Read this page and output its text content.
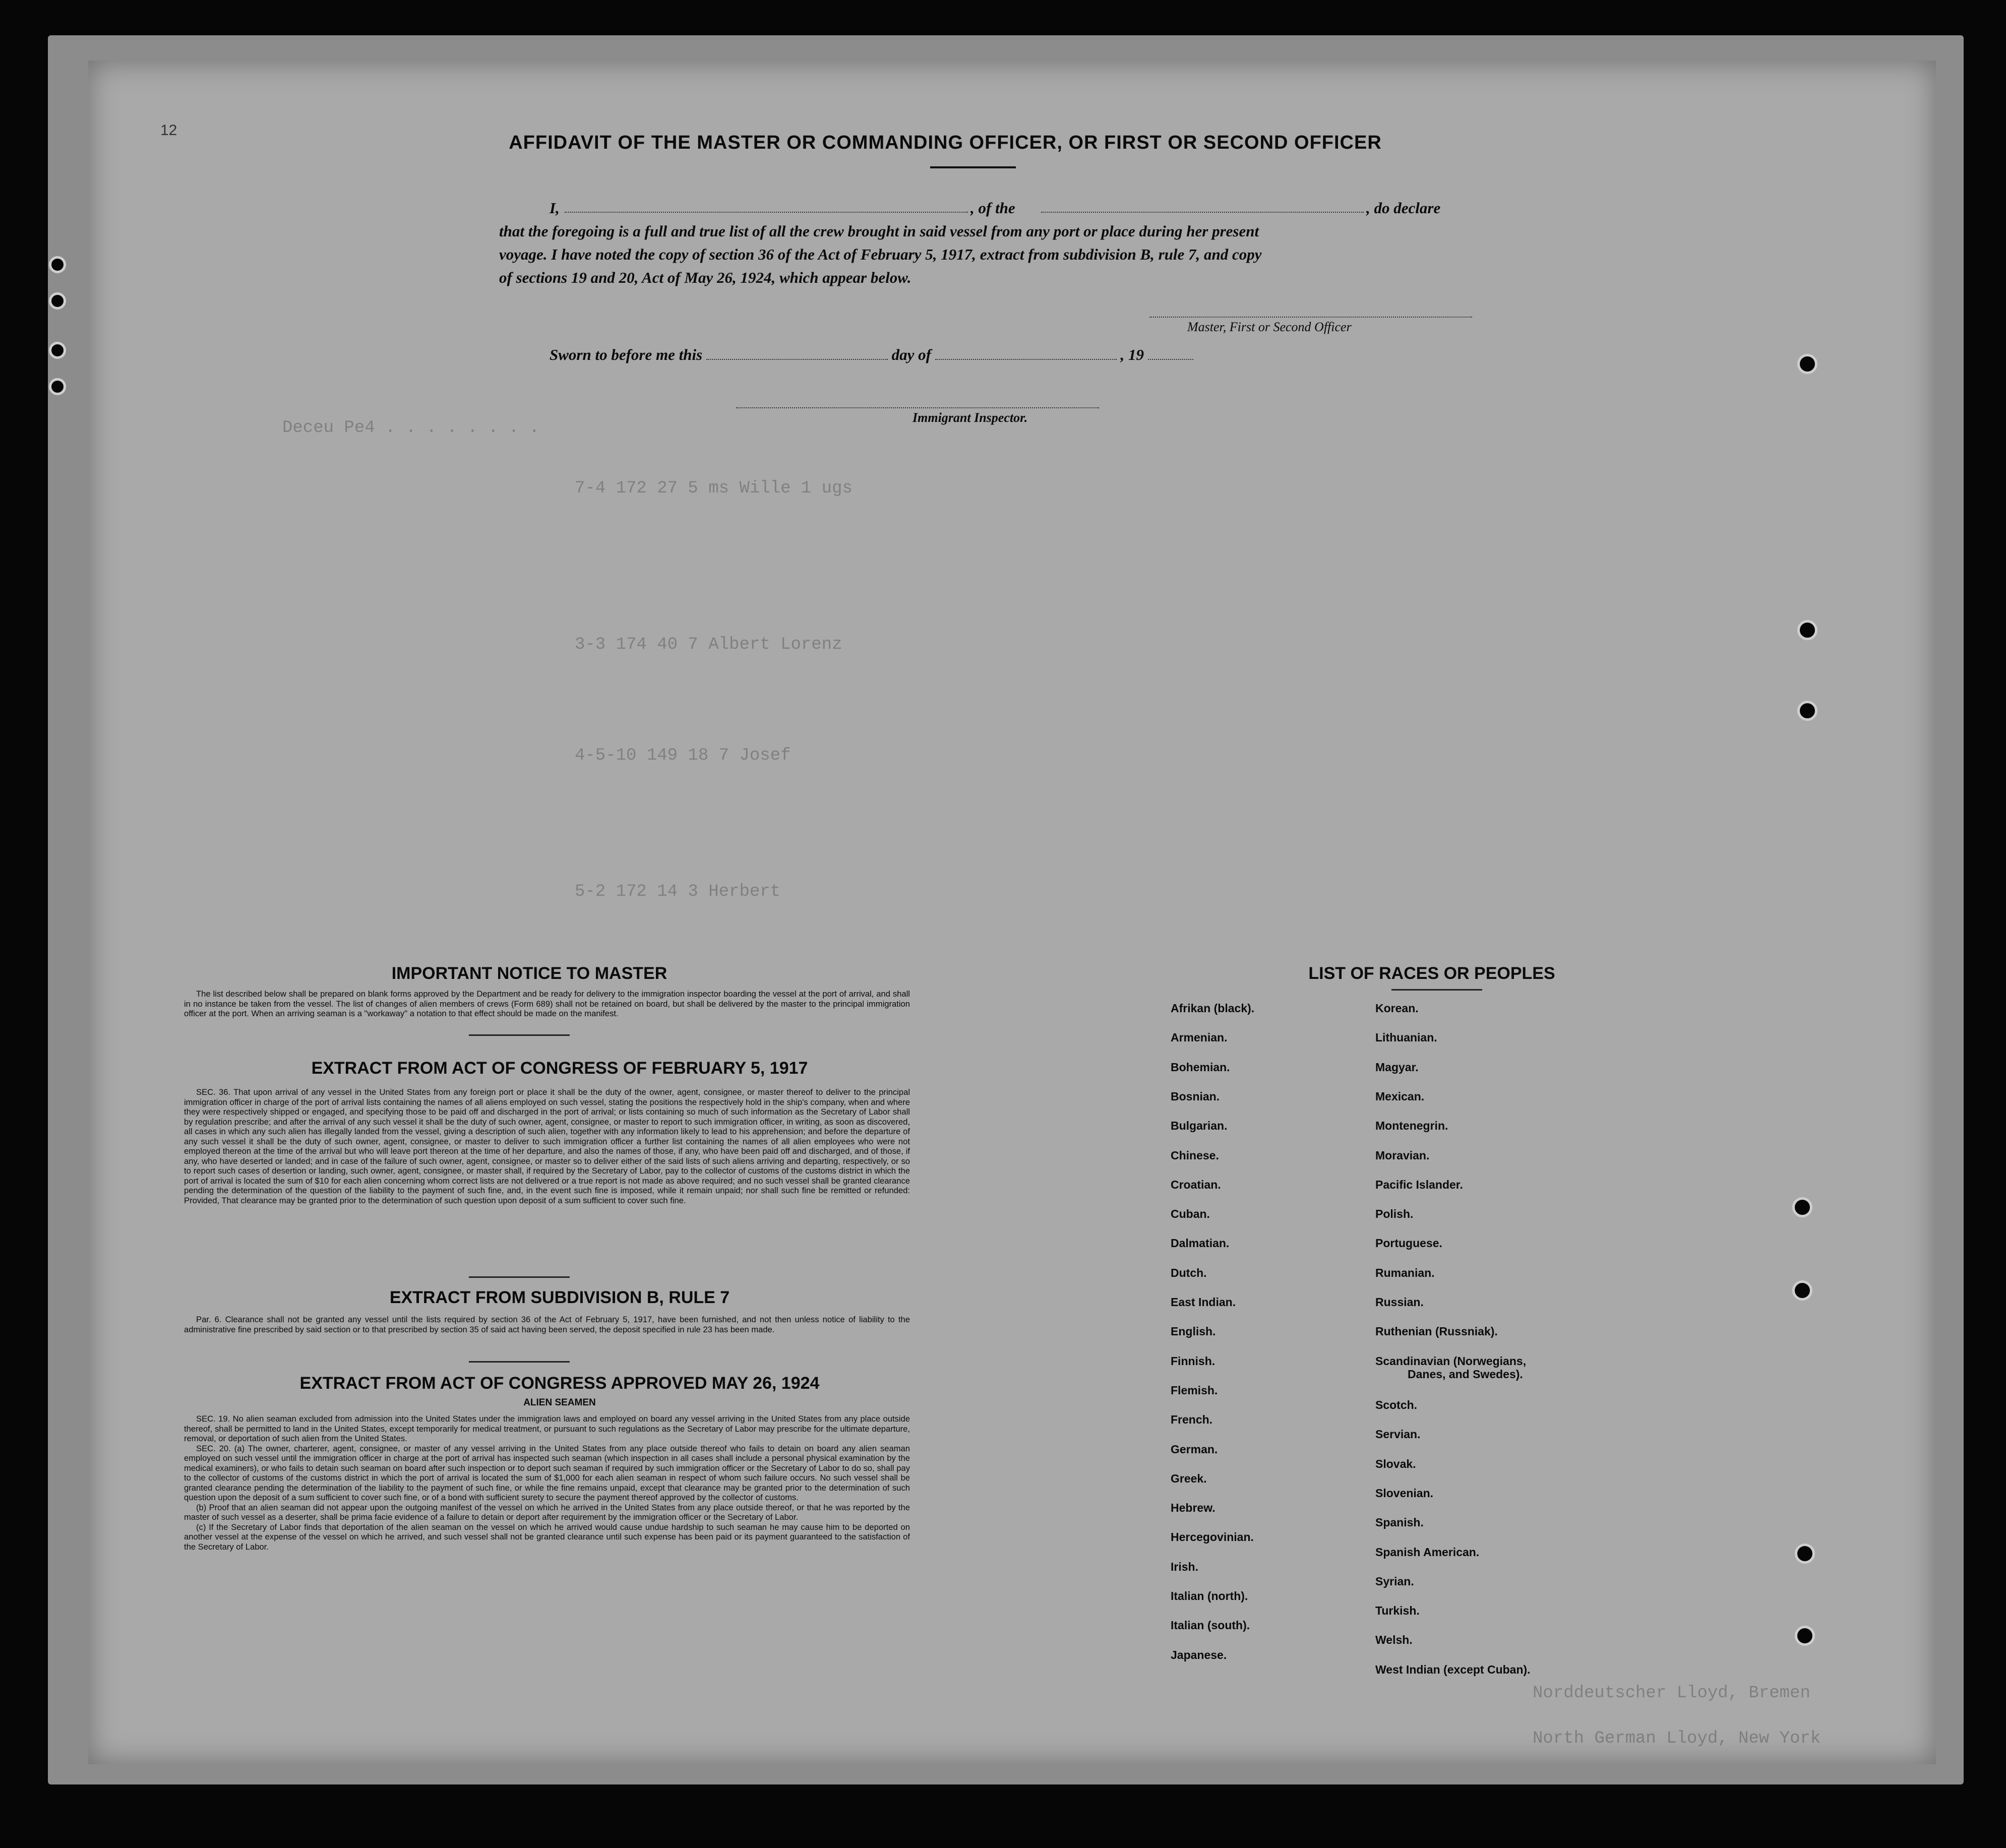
Deceu Pe4 . . . . . . . .
7-4 172 27 5 ms Wille 1 ugs
3-3 174 40 7 Albert Lorenz
4-5-10 149 18 7 Josef
5-2 172 14 3 Herbert
Norddeutscher Lloyd, Bremen
North German Lloyd, New York
12
AFFIDAVIT OF THE MASTER OR COMMANDING OFFICER, OR FIRST OR SECOND OFFICER
I,	, of the	, do declare
that the foregoing is a full and true list of all the crew brought in said vessel from any port or place during her present
voyage. I have noted the copy of section 36 of the Act of February 5, 1917, extract from subdivision B, rule 7, and copy
of sections 19 and 20, Act of May 26, 1924, which appear below.
Master, First or Second Officer
Sworn to before me this	day of	, 19
Immigrant Inspector.
IMPORTANT NOTICE TO MASTER

The list described below shall be prepared on blank forms approved by the Department and be ready for delivery to the immigration inspector boarding the vessel at the port of arrival, and shall in no instance be taken from the vessel. The list of changes of alien members of crews (Form 689) shall not be retained on board, but shall be delivered by the master to the principal immigration officer at the port. When an arriving seaman is a "workaway" a notation to that effect should be made on the manifest.

EXTRACT FROM ACT OF CONGRESS OF FEBRUARY 5, 1917

SEC. 36. That upon arrival of any vessel in the United States from any foreign port or place it shall be the duty of the owner, agent, consignee, or master thereof to deliver to the principal immigration officer in charge of the port of arrival lists containing the names of all aliens employed on such vessel, stating the positions the respectively hold in the ship's company, when and where they were respectively shipped or engaged, and specifying those to be paid off and discharged in the port of arrival; or lists containing so much of such information as the Secretary of Labor shall by regulation prescribe; and after the arrival of any such vessel it shall be the duty of such owner, agent, consignee, or master to report to such immigration officer, in writing, as soon as discovered, all cases in which any such alien has illegally landed from the vessel, giving a description of such alien, together with any information likely to lead to his apprehension; and before the departure of any such vessel it shall be the duty of such owner, agent, consignee, or master to deliver to such immigration officer a further list containing the names of all alien employees who were not employed thereon at the time of the arrival but who will leave port thereon at the time of her departure, and also the names of those, if any, who have been paid off and discharged, and of those, if any, who have deserted or landed; and in case of the failure of such owner, agent, consignee, or master so to deliver either of the said lists of such aliens arriving and departing, respectively, or so to report such cases of desertion or landing, such owner, agent, consignee, or master shall, if required by the Secretary of Labor, pay to the collector of customs of the customs district in which the port of arrival is located the sum of $10 for each alien concerning whom correct lists are not delivered or a true report is not made as above required; and no such vessel shall be granted clearance pending the determination of the question of the liability to the payment of such fine, and, in the event such fine is imposed, while it remain unpaid; nor shall such fine be remitted or refunded: Provided, That clearance may be granted prior to the determination of such question upon deposit of a sum sufficient to cover such fine.

EXTRACT FROM SUBDIVISION B, RULE 7

Par. 6. Clearance shall not be granted any vessel until the lists required by section 36 of the Act of February 5, 1917, have been furnished, and not then unless notice of liability to the administrative fine prescribed by said section or to that prescribed by section 35 of said act having been served, the deposit specified in rule 23 has been made.

EXTRACT FROM ACT OF CONGRESS APPROVED MAY 26, 1924
ALIEN SEAMEN

SEC. 19. No alien seaman excluded from admission into the United States under the immigration laws and employed on board any vessel arriving in the United States from any place outside thereof, shall be permitted to land in the United States, except temporarily for medical treatment, or pursuant to such regulations as the Secretary of Labor may prescribe for the ultimate departure, removal, or deportation of such alien from the United States.

SEC. 20. (a) The owner, charterer, agent, consignee, or master of any vessel arriving in the United States from any place outside thereof who fails to detain on board any alien seaman employed on such vessel until the immigration officer in charge at the port of arrival has inspected such seaman (which inspection in all cases shall include a personal physical examination by the medical examiners), or who fails to detain such seaman on board after such inspection or to deport such seaman if required by such immigration officer or the Secretary of Labor to do so, shall pay to the collector of customs of the customs district in which the port of arrival is located the sum of $1,000 for each alien seaman in respect of whom such failure occurs. No such vessel shall be granted clearance pending the determination of the liability to the payment of such fine, or while the fine remains unpaid, except that clearance may be granted prior to the determination of such question upon the deposit of a sum sufficient to cover such fine, or of a bond with sufficient surety to secure the payment thereof approved by the collector of customs.

(b) Proof that an alien seaman did not appear upon the outgoing manifest of the vessel on which he arrived in the United States from any place outside thereof, or that he was reported by the master of such vessel as a deserter, shall be prima facie evidence of a failure to detain or deport after requirement by the immigration officer or the Secretary of Labor.

(c) If the Secretary of Labor finds that deportation of the alien seaman on the vessel on which he arrived would cause undue hardship to such seaman he may cause him to be deported on another vessel at the expense of the vessel on which he arrived, and such vessel shall not be granted clearance until such expense has been paid or its payment guaranteed to the satisfaction of the Secretary of Labor.

LIST OF RACES OR PEOPLES
Afrikan (black).
Armenian.
Bohemian.
Bosnian.
Bulgarian.
Chinese.
Croatian.
Cuban.
Dalmatian.
Dutch.
East Indian.
English.
Finnish.
Flemish.
French.
German.
Greek.
Hebrew.
Hercegovinian.
Irish.
Italian (north).
Italian (south).
Japanese.
Korean.
Lithuanian.
Magyar.
Mexican.
Montenegrin.
Moravian.
Pacific Islander.
Polish.
Portuguese.
Rumanian.
Russian.
Ruthenian (Russniak).
Scandinavian (Norwegians,
Danes, and Swedes).
Scotch.
Servian.
Slovak.
Slovenian.
Spanish.
Spanish American.
Syrian.
Turkish.
Welsh.
West Indian (except Cuban).
